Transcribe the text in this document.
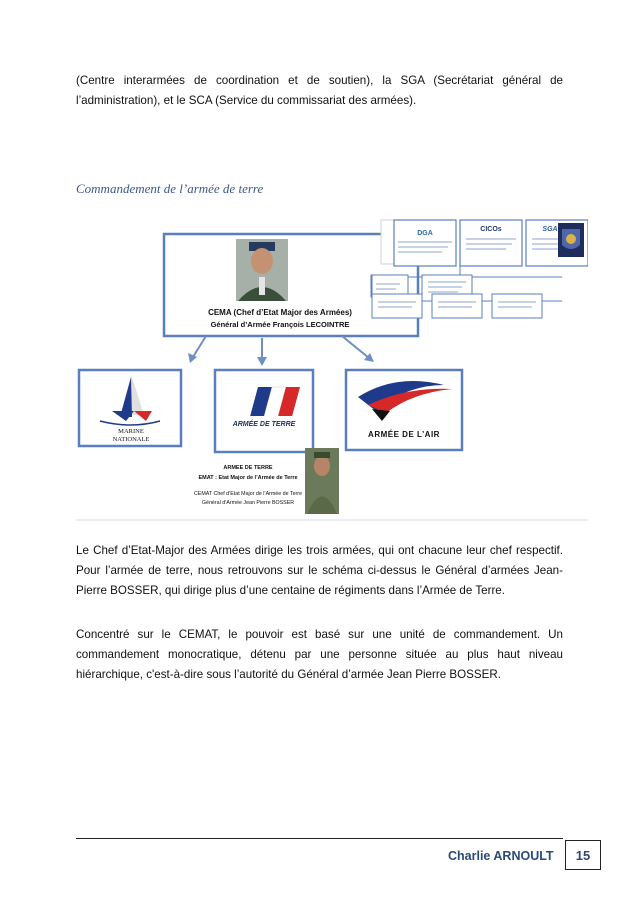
(Centre interarmées de coordination et de soutien), la SGA (Secrétariat général de

l’administration), et le SCA (Service du commissariat des armées).

Commandement de l’armée de terre

CEMA (Chef d’Etat Major des Armées)
Général d’Armée François LECOINTRE
DGA
CICOs	SGA
MARINE
NATIONALE
ARMÉE DE TERRE
ARMÉE DE L’AIR
ARMEE DE TERRE
EMAT : Etat Major de l’Armée de Terre
CEMAT Chef d’Etat Major de l’Armée de Terre
Général d’Armée Jean Pierre BOSSER

Le Chef d’Etat-Major des Armées dirige les trois armées, qui ont chacune leur chef respectif.

Pour l’armée de terre, nous retrouvons sur le schéma ci-dessus le Général d’armées Jean-

Pierre BOSSER, qui dirige plus d’une centaine de régiments dans l’Armée de Terre.

Concentré sur le CEMAT, le pouvoir est basé sur une unité de commandement. Un

commandement monocratique, détenu par une personne située au plus haut niveau

hiérarchique, c'est-à-dire sous l’autorité du Général d’armée Jean Pierre BOSSER.

Charlie ARNOULT	15
